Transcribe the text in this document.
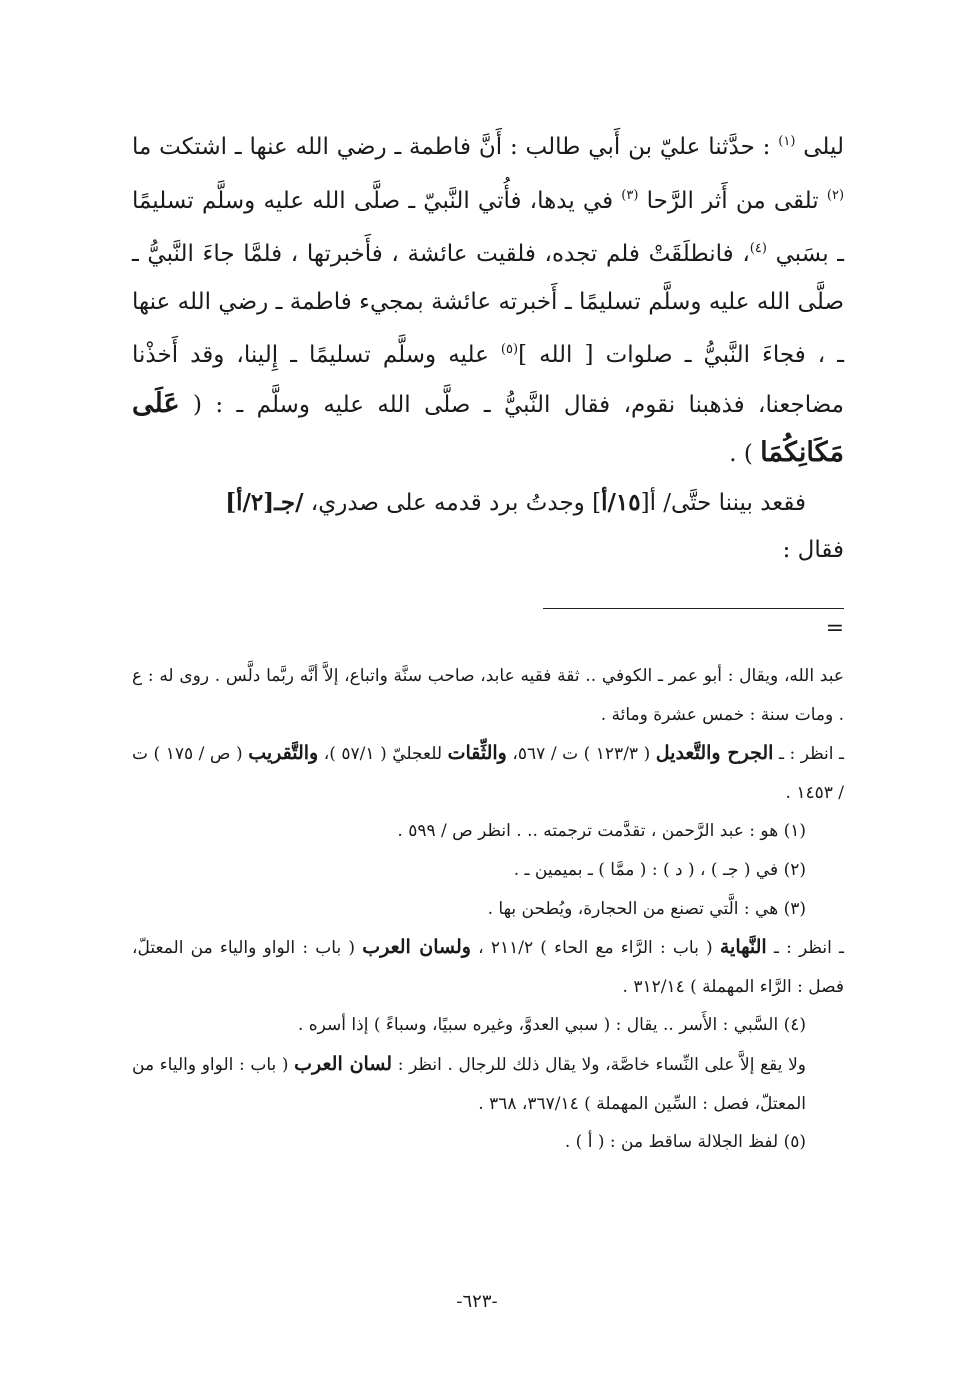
ليلى $^{(١)}$ : حدَّثنا عليّ بن أَبي طالب : أَنَّ فاطمة ـ رضي الله عنها ـ اشتكت ما $^{(٢)}$ تلقى من أَثر الرَّحا $^{(٣)}$ في يدها، فأُتي النَّبيّ ـ صلَّى الله عليه وسلَّم تسليمًا ـ بسَبي $^{(٤)}$، فانطلَقَتْ فلم تجده، فلقيت عائشة ، فأَخبرتها ، فلمَّا جاءَ النَّبيُّ ـ صلَّى الله عليه وسلَّم تسليمًا ـ أَخبرته عائشة بمجيء فاطمة ـ رضي الله عنها ـ ، فجاءَ النَّبيُّ ـ صلوات [ الله ]$^{(٥)}$ عليه وسلَّم تسليمًا ـ إِلينا، وقد أَخذْنا مضاجعنا، فذهبنا نقوم، فقال النَّبيُّ ـ صلَّى الله عليه وسلَّم ـ : ( عَلَى مَكَانِكُمَا ) .

فقعد بيننا حتَّى/ أ[١٥/أ] وجدتُ برد قدمه على صدري، /جـ[٢/أ]

فقال :

=

عبد الله، ويقال : أبو عمر ـ الكوفي .. ثقة فقيه عابد، صاحب سنَّة واتباع، إلاَّ أنَّه ربَّما دلَّس . روى له : ع . ومات سنة : خمس عشرة ومائة .

ـ انظر : ـ الجرح والتَّعديل ( ١٢٣/٣ ) ت / ٥٦٧، والثِّقات للعجليّ ( ٥٧/١ )، والتَّقريب ( ص / ١٧٥ ) ت / ١٤٥٣ .

(١) هو : عبد الرَّحمن ، تقدَّمت ترجمته .. . انظر ص / ٥٩٩ .

(٢) في ( جـ ) ، ( د ) : ( ممَّا ) ـ بميمين ـ .

(٣) هي : الَّتي تصنع من الحجارة، ويُطحن بها .

ـ انظر : ـ النَّهاية ( باب : الرَّاء مع الحاء ) ٢١١/٢ ، ولسان العرب ( باب : الواو والياء من المعتلّ، فصل : الرَّاء المهملة ) ٣١٢/١٤ .

(٤) السَّبي : الأَسر .. يقال : ( سبي العدوَّ، وغيره سبيًا، وسباءً ) إذا أسره .

ولا يقع إلاَّ على النِّساء خاصَّة، ولا يقال ذلك للرجال . انظر : لسان العرب ( باب : الواو والياء من المعتلّ، فصل : السِّين المهملة ) ٣٦٧/١٤، ٣٦٨ .

(٥) لفظ الجلالة ساقط من : ( أ ) .

-٦٢٣-
